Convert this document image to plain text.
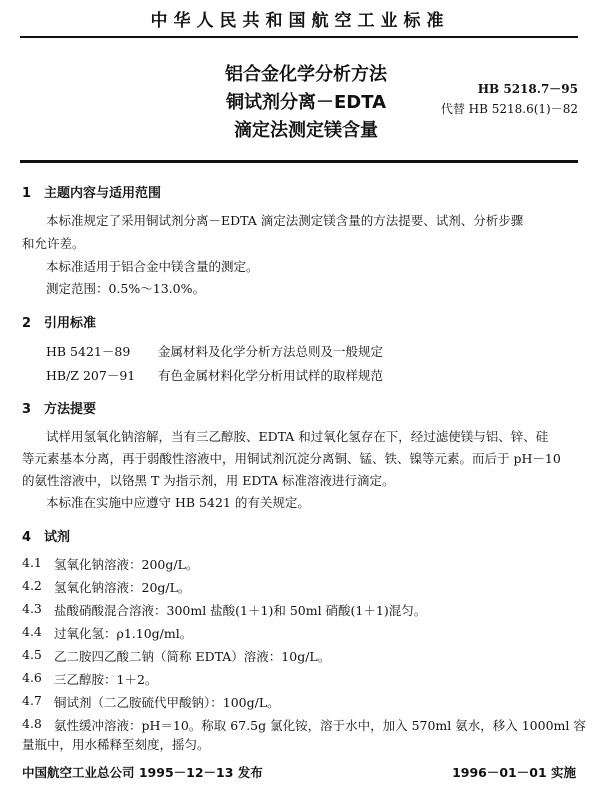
中华人民共和国航空工业标准
铝合金化学分析方法
铜试剂分离－EDTA
滴定法测定镁含量
HB 5218.7－95
代替 HB 5218.6(1)－82
1　主题内容与适用范围
本标准规定了采用铜试剂分离－EDTA 滴定法测定镁含量的方法提要、试剂、分析步骤
和允许差。
本标准适用于铝合金中镁含量的测定。
测定范围：0.5%～13.0%。
2　引用标准
HB 5421－89 金属材料及化学分析方法总则及一般规定
HB/Z 207－91 有色金属材料化学分析用试样的取样规范
3　方法提要
试样用氢氧化钠溶解，当有三乙醇胺、EDTA 和过氧化氢存在下，经过滤使镁与铝、锌、硅
等元素基本分离，再于弱酸性溶液中，用铜试剂沉淀分离铜、锰、铁、镍等元素。而后于 pH－10
的氨性溶液中，以铬黑 T 为指示剂，用 EDTA 标准溶液进行滴定。
本标准在实施中应遵守 HB 5421 的有关规定。
4　试剂
4.1 氢氧化钠溶液：200g/L。
4.2 氢氧化钠溶液：20g/L。
4.3 盐酸硝酸混合溶液：300ml 盐酸(1＋1)和 50ml 硝酸(1＋1)混匀。
4.4 过氧化氢：ρ1.10g/ml。
4.5 乙二胺四乙酸二钠（简称 EDTA）溶液：10g/L。
4.6 三乙醇胺：1＋2。
4.7 铜试剂（二乙胺硫代甲酸钠）：100g/L。
4.8 氨性缓冲溶液：pH＝10。称取 67.5g 氯化铵，溶于水中，加入 570ml 氨水，移入 1000ml 容
量瓶中，用水稀释至刻度，摇匀。
中国航空工业总公司 1995－12－13 发布	1996－01－01 实施
